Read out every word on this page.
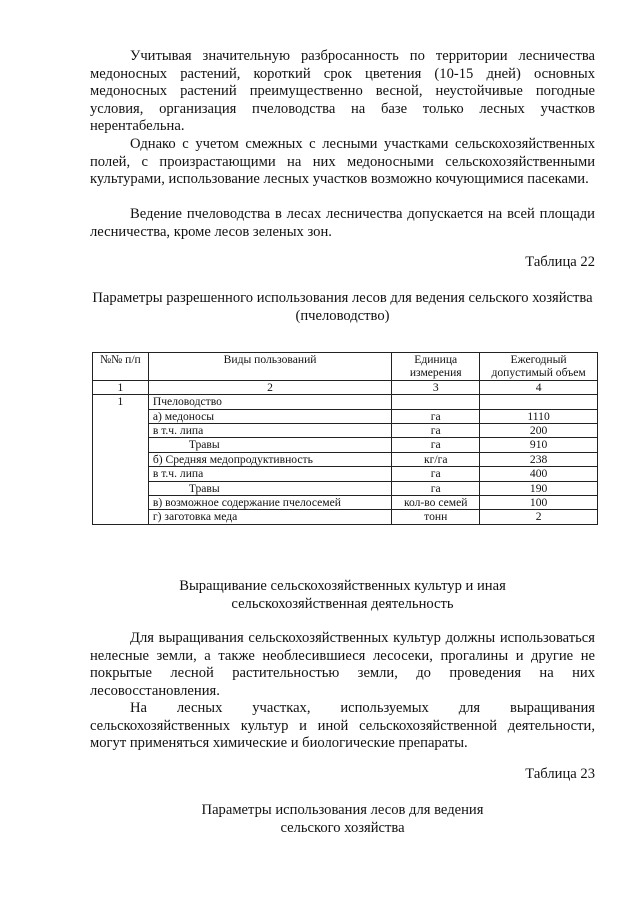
Учитывая значительную разбросанность по территории лесничества медоносных растений, короткий срок цветения (10-15 дней) основных медоносных растений преимущественно весной, неустойчивые погодные условия, организация пчеловодства на базе только лесных участков нерентабельна.

Однако с учетом смежных с лесными участками сельскохозяйственных полей, с произрастающими на них медоносными сельскохозяйственными культурами, использование лесных участков возможно кочующимися пасеками.

Ведение пчеловодства в лесах лесничества допускается на всей площади лесничества, кроме лесов зеленых зон.

Таблица 22
Параметры разрешенного использования лесов для ведения сельского хозяйства
(пчеловодство)
№№ п/п	Виды пользований	Единица измерения	Ежегодный допустимый объем
1	2	3	4
1	Пчеловодство		
	а) медоносы	га	1110
	в т.ч. липа	га	200
	Травы	га	910
	б) Средняя медопродуктивность	кг/га	238
	в т.ч. липа	га	400
	Травы	га	190
	в) возможное содержание пчелосемей	кол-во семей	100
	г) заготовка меда	тонн	2
Выращивание сельскохозяйственных культур и иная
сельскохозяйственная деятельность

Для выращивания сельскохозяйственных культур должны использоваться нелесные земли, а также необлесившиеся лесосеки, прогалины и другие не покрытые лесной растительностью земли, до проведения на них лесовосстановления.

На лесных участках, используемых для выращивания сельскохозяйственных культур и иной сельскохозяйственной деятельности, могут применяться химические и биологические препараты.

Таблица 23
Параметры использования лесов для ведения
сельского хозяйства
